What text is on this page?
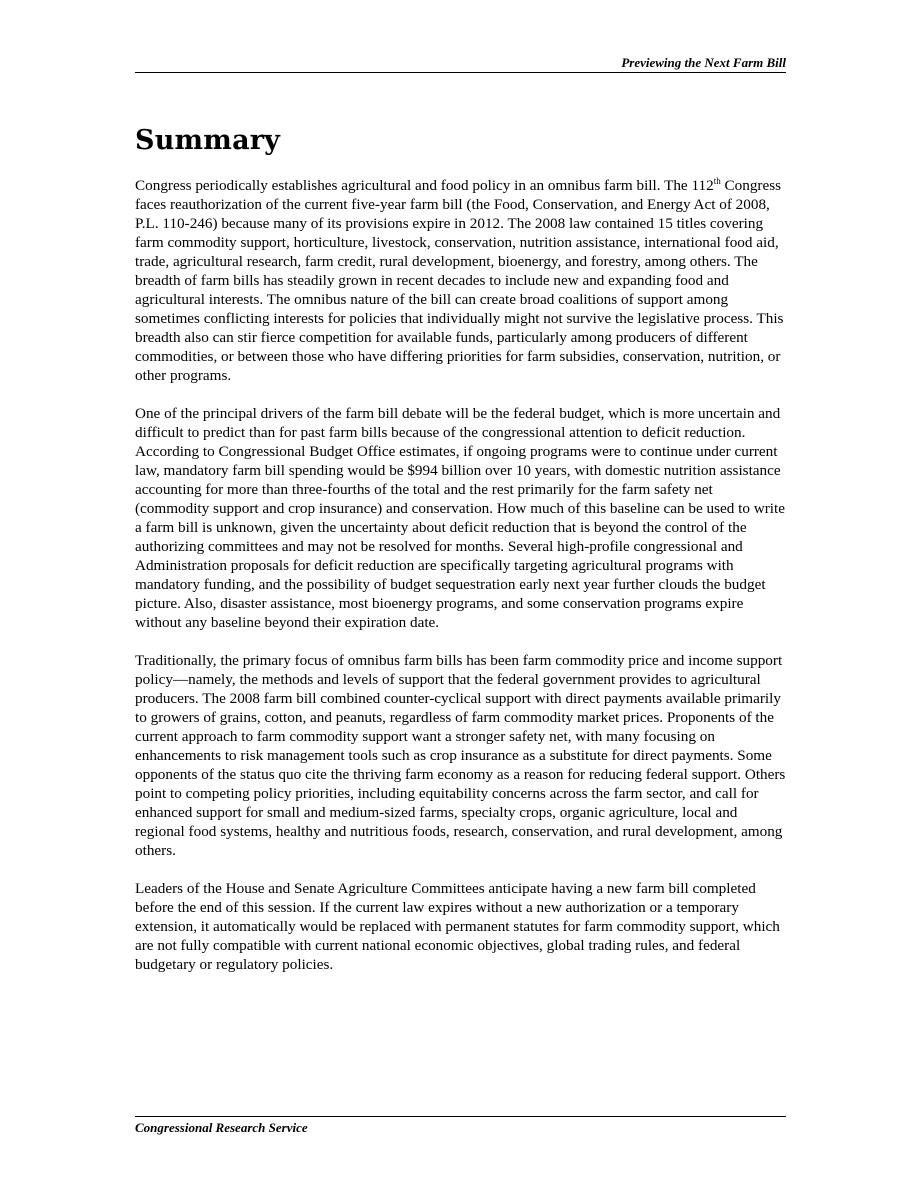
Previewing the Next Farm Bill
Summary

Congress periodically establishes agricultural and food policy in an omnibus farm bill. The 112th Congress faces reauthorization of the current five-year farm bill (the Food, Conservation, and Energy Act of 2008, P.L. 110-246) because many of its provisions expire in 2012. The 2008 law contained 15 titles covering farm commodity support, horticulture, livestock, conservation, nutrition assistance, international food aid, trade, agricultural research, farm credit, rural development, bioenergy, and forestry, among others. The breadth of farm bills has steadily grown in recent decades to include new and expanding food and agricultural interests. The omnibus nature of the bill can create broad coalitions of support among sometimes conflicting interests for policies that individually might not survive the legislative process. This breadth also can stir fierce competition for available funds, particularly among producers of different commodities, or between those who have differing priorities for farm subsidies, conservation, nutrition, or other programs.

One of the principal drivers of the farm bill debate will be the federal budget, which is more uncertain and difficult to predict than for past farm bills because of the congressional attention to deficit reduction. According to Congressional Budget Office estimates, if ongoing programs were to continue under current law, mandatory farm bill spending would be $994 billion over 10 years, with domestic nutrition assistance accounting for more than three-fourths of the total and the rest primarily for the farm safety net (commodity support and crop insurance) and conservation. How much of this baseline can be used to write a farm bill is unknown, given the uncertainty about deficit reduction that is beyond the control of the authorizing committees and may not be resolved for months. Several high-profile congressional and Administration proposals for deficit reduction are specifically targeting agricultural programs with mandatory funding, and the possibility of budget sequestration early next year further clouds the budget picture. Also, disaster assistance, most bioenergy programs, and some conservation programs expire without any baseline beyond their expiration date.

Traditionally, the primary focus of omnibus farm bills has been farm commodity price and income support policy—namely, the methods and levels of support that the federal government provides to agricultural producers. The 2008 farm bill combined counter-cyclical support with direct payments available primarily to growers of grains, cotton, and peanuts, regardless of farm commodity market prices. Proponents of the current approach to farm commodity support want a stronger safety net, with many focusing on enhancements to risk management tools such as crop insurance as a substitute for direct payments. Some opponents of the status quo cite the thriving farm economy as a reason for reducing federal support. Others point to competing policy priorities, including equitability concerns across the farm sector, and call for enhanced support for small and medium-sized farms, specialty crops, organic agriculture, local and regional food systems, healthy and nutritious foods, research, conservation, and rural development, among others.

Leaders of the House and Senate Agriculture Committees anticipate having a new farm bill completed before the end of this session. If the current law expires without a new authorization or a temporary extension, it automatically would be replaced with permanent statutes for farm commodity support, which are not fully compatible with current national economic objectives, global trading rules, and federal budgetary or regulatory policies.

Congressional Research Service
